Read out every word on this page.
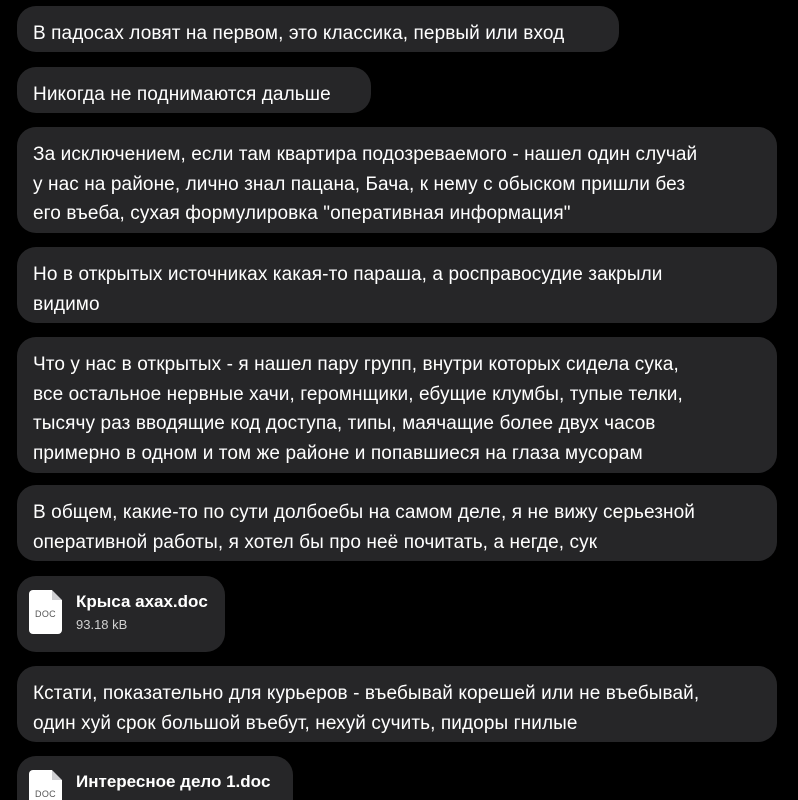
В падосах ловят на первом, это классика, первый или вход
Никогда не поднимаются дальше
За исключением, если там квартира подозреваемого - нашел один случай
у нас на районе, лично знал пацана, Бача, к нему с обыском пришли без
его въеба, сухая формулировка "оперативная информация"
Но в открытых источниках какая-то параша, а росправосудие закрыли
видимо
Что у нас в открытых - я нашел пару групп, внутри которых сидела сука,
все остальное нервные хачи, геромнщики, ебущие клумбы, тупые телки,
тысячу раз вводящие код доступа, типы, маячащие более двух часов
примерно в одном и том же районе и попавшиеся на глаза мусорам
В общем, какие-то по сути долбоебы на самом деле, я не вижу серьезной
оперативной работы, я хотел бы про неё почитать, а негде, сук
DOC
Крыса ахах.doc
93.18 kB
Кстати, показательно для курьеров - въебывай корешей или не въебывай,
один хуй срок большой въебут, нехуй сучить, пидоры гнилые
DOC
Интересное дело 1.doc
